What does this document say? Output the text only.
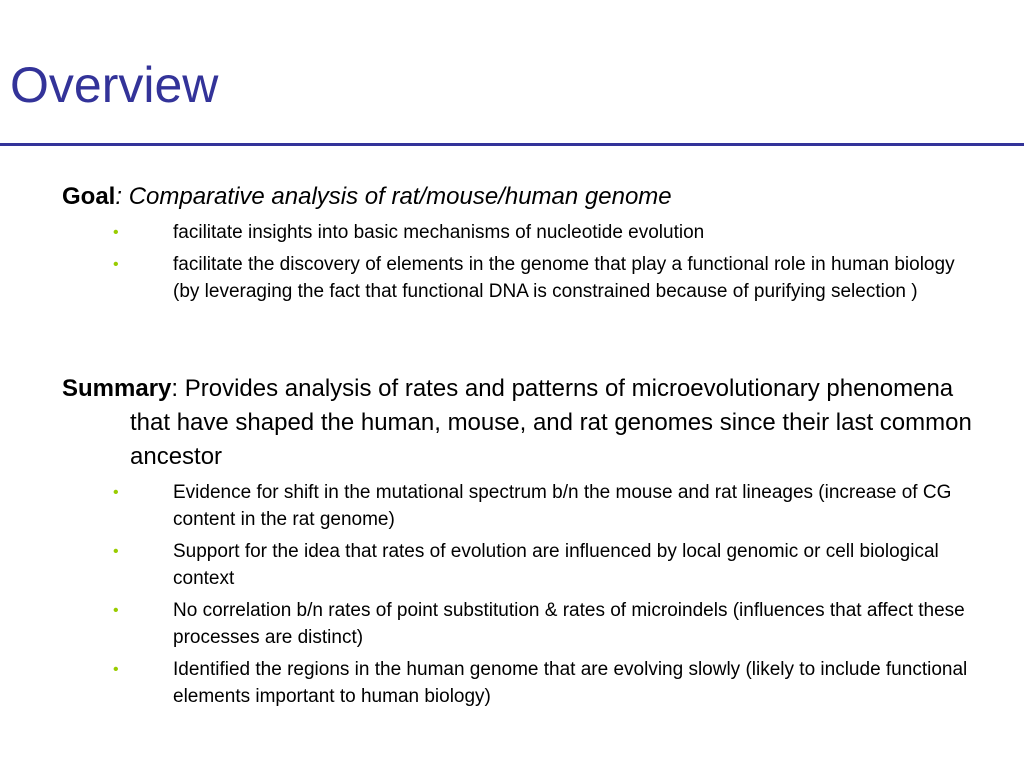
Overview

Goal: Comparative analysis of rat/mouse/human genome

•	facilitate insights into basic mechanisms of nucleotide evolution
•	facilitate the discovery of elements in the genome that play a functional role in human biology (by leveraging the fact that functional DNA is constrained because of purifying selection )

Summary: Provides analysis of rates and patterns of microevolutionary phenomena that have shaped the human, mouse, and rat genomes since their last common ancestor

•	Evidence for shift in the mutational spectrum b/n the mouse and rat lineages (increase of CG content in the rat genome)
•	Support for the idea that rates of evolution are influenced by local genomic or cell biological context
•	No correlation b/n rates of point substitution & rates of microindels (influences that affect these processes are distinct)
•	Identified the regions in the human genome that are evolving slowly (likely to include functional elements important to human biology)
